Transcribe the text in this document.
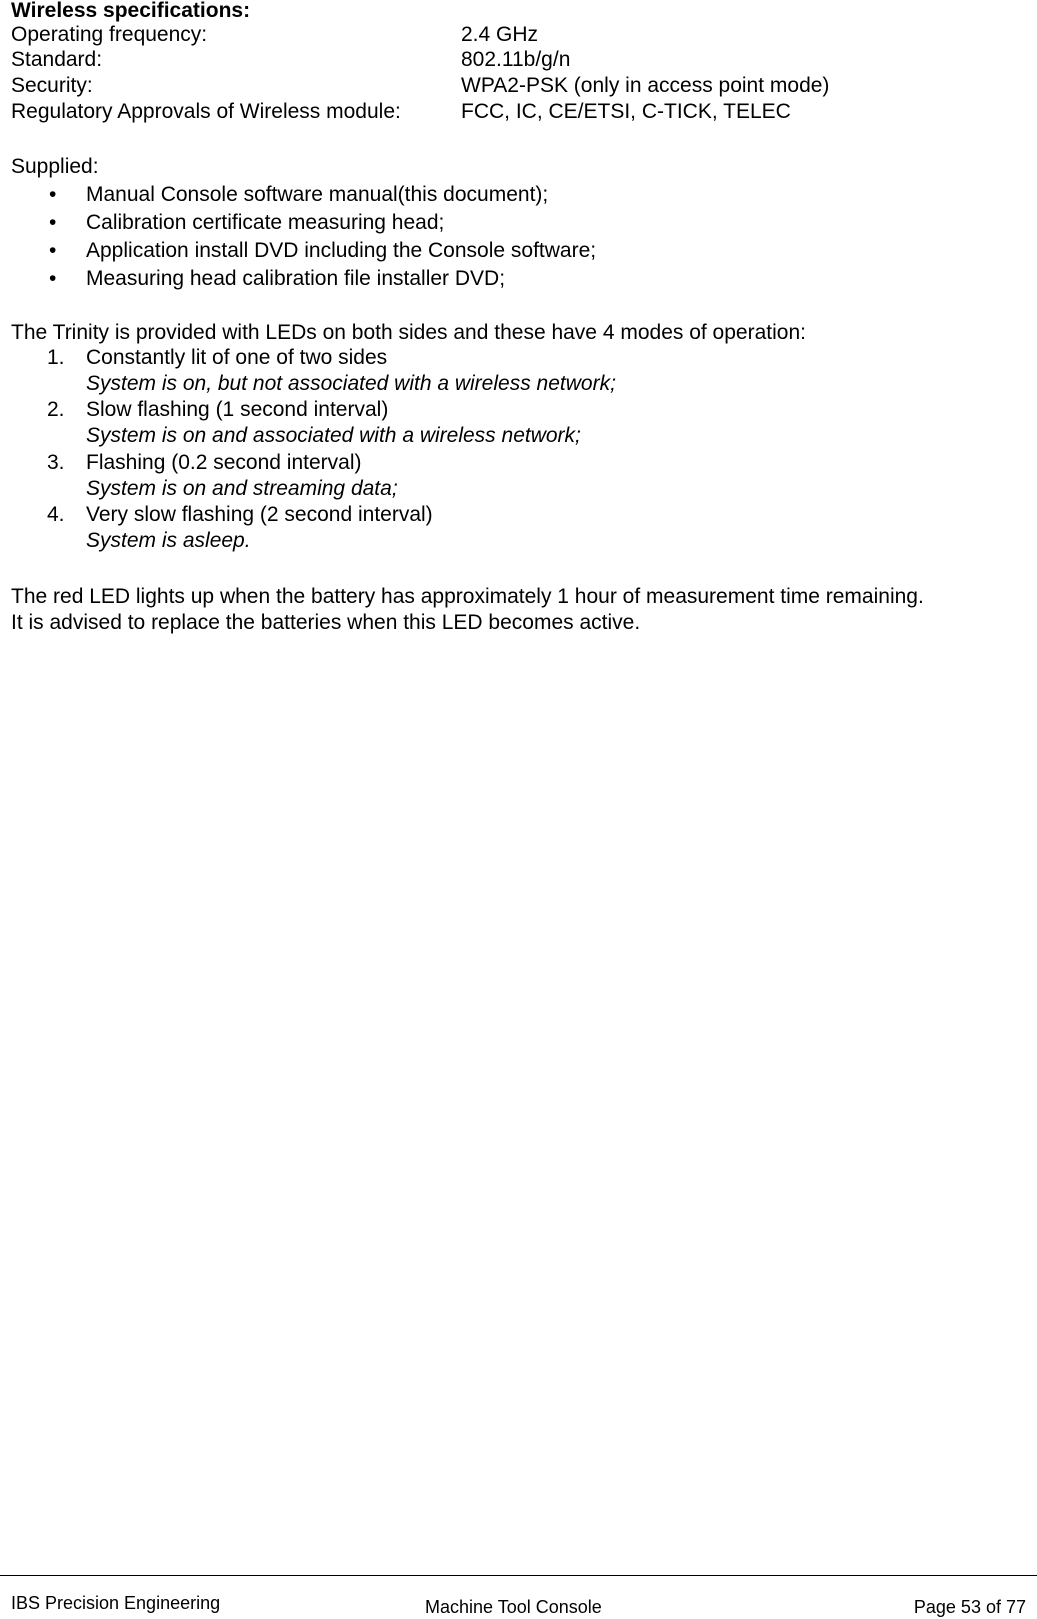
Wireless specifications:
Operating frequency:	2.4 GHz
Standard:	802.11b/g/n
Security:	WPA2-PSK (only in access point mode)
Regulatory Approvals of Wireless module:	FCC, IC, CE/ETSI, C-TICK, TELEC
Supplied:
• Manual Console software manual(this document);
• Calibration certificate measuring head;
• Application install DVD including the Console software;
• Measuring head calibration file installer DVD;
The Trinity is provided with LEDs on both sides and these have 4 modes of operation:
1. Constantly lit of one of two sides
System is on, but not associated with a wireless network;
2. Slow flashing (1 second interval)
System is on and associated with a wireless network;
3. Flashing (0.2 second interval)
System is on and streaming data;
4. Very slow flashing (2 second interval)
System is asleep.
The red LED lights up when the battery has approximately 1 hour of measurement time remaining.
It is advised to replace the batteries when this LED becomes active.
IBS Precision Engineering	Machine Tool Console	Page 53 of 77
